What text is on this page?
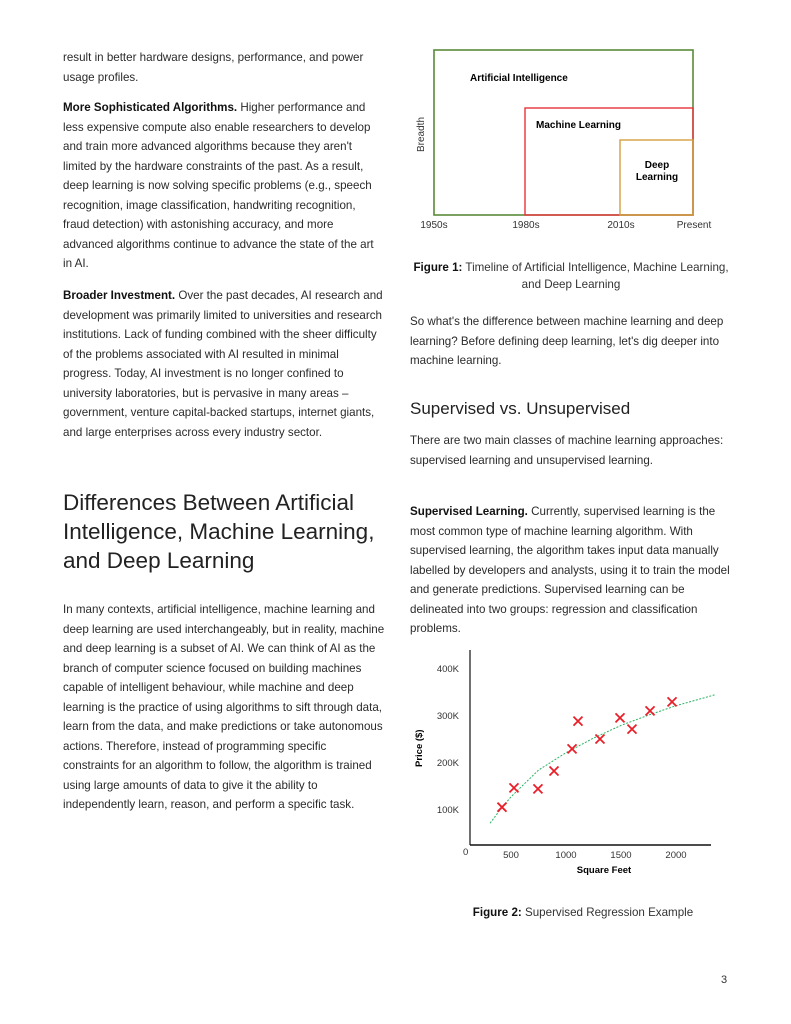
result in better hardware designs, performance, and power usage profiles.

More Sophisticated Algorithms. Higher performance and less expensive compute also enable researchers to develop and train more advanced algorithms because they aren't limited by the hardware constraints of the past. As a result, deep learning is now solving specific problems (e.g., speech recognition, image classification, handwriting recognition, fraud detection) with astonishing accuracy, and more advanced algorithms continue to advance the state of the art in AI.

Broader Investment. Over the past decades, AI research and development was primarily limited to universities and research institutions. Lack of funding combined with the sheer difficulty of the problems associated with AI resulted in minimal progress. Today, AI investment is no longer confined to university laboratories, but is pervasive in many areas – government, venture capital-backed startups, internet giants, and large enterprises across every industry sector.

Differences Between Artificial Intelligence, Machine Learning, and Deep Learning

In many contexts, artificial intelligence, machine learning and deep learning are used interchangeably, but in reality, machine and deep learning is a subset of AI. We can think of AI as the branch of computer science focused on building machines capable of intelligent behaviour, while machine and deep learning is the practice of using algorithms to sift through data, learn from the data, and make predictions or take autonomous actions. Therefore, instead of programming specific constraints for an algorithm to follow, the algorithm is trained using large amounts of data to give it the ability to independently learn, reason, and perform a specific task.

Artificial Intelligence
Machine Learning
Deep
Learning
Breadth
1950s	1980s	2010s	Present
Figure 1: Timeline of Artificial Intelligence, Machine Learning, and Deep Learning

So what's the difference between machine learning and deep learning? Before defining deep learning, let's dig deeper into machine learning.

Supervised vs. Unsupervised

There are two main classes of machine learning approaches: supervised learning and unsupervised learning.

Supervised Learning. Currently, supervised learning is the most common type of machine learning algorithm. With supervised learning, the algorithm takes input data manually labelled by developers and analysts, using it to train the model and generate predictions. Supervised learning can be delineated into two groups: regression and classification problems.

0
Price ($)
Square Feet
500	1000	1500	2000
100K
200K
300K
400K
Figure 2: Supervised Regression Example
3
